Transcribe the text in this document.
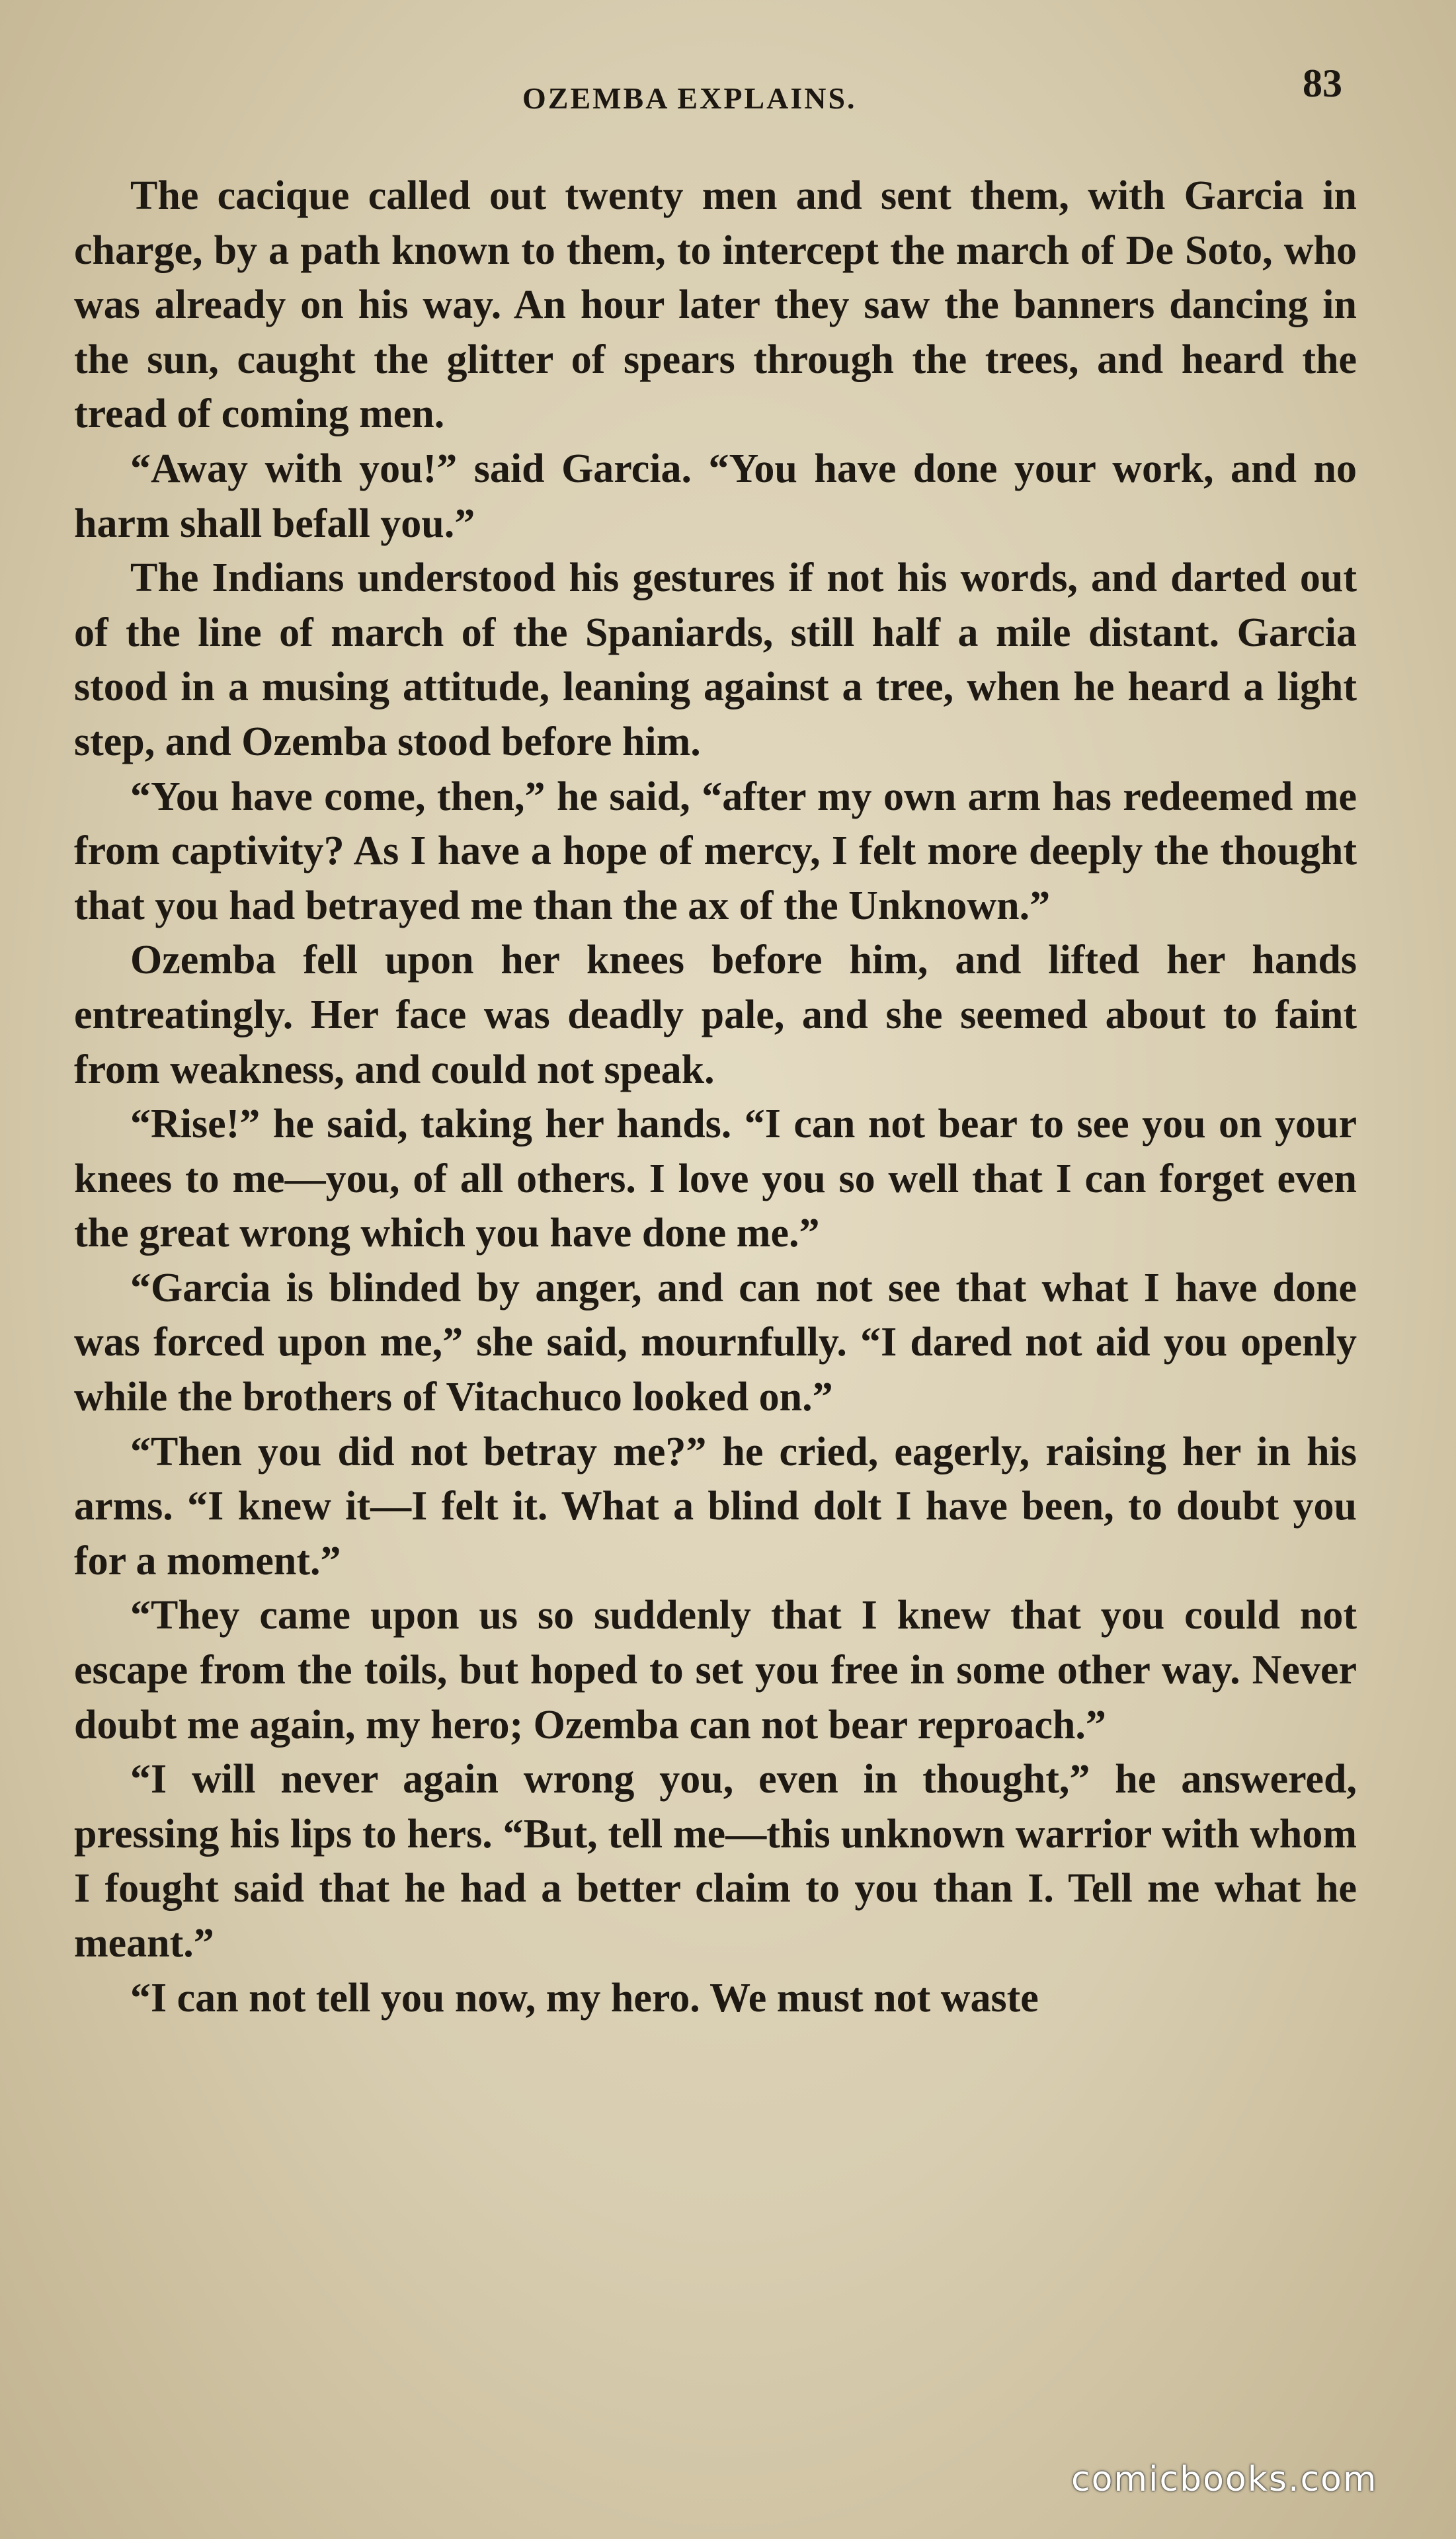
OZEMBA EXPLAINS.	83

The cacique called out twenty men and sent them, with Garcia in charge, by a path known to them, to intercept the march of De Soto, who was already on his way. An hour later they saw the banners dancing in the sun, caught the glitter of spears through the trees, and heard the tread of coming men.

“Away with you!” said Garcia. “You have done your work, and no harm shall befall you.”

The Indians understood his gestures if not his words, and darted out of the line of march of the Spaniards, still half a mile distant. Garcia stood in a musing attitude, leaning against a tree, when he heard a light step, and Ozemba stood before him.

“You have come, then,” he said, “after my own arm has redeemed me from captivity? As I have a hope of mercy, I felt more deeply the thought that you had betrayed me than the ax of the Unknown.”

Ozemba fell upon her knees before him, and lifted her hands entreatingly. Her face was deadly pale, and she seemed about to faint from weakness, and could not speak.

“Rise!” he said, taking her hands. “I can not bear to see you on your knees to me—you, of all others. I love you so well that I can forget even the great wrong which you have done me.”

“Garcia is blinded by anger, and can not see that what I have done was forced upon me,” she said, mournfully. “I dared not aid you openly while the brothers of Vitachuco looked on.”

“Then you did not betray me?” he cried, eagerly, raising her in his arms. “I knew it—I felt it. What a blind dolt I have been, to doubt you for a moment.”

“They came upon us so suddenly that I knew that you could not escape from the toils, but hoped to set you free in some other way. Never doubt me again, my hero; Ozemba can not bear reproach.”

“I will never again wrong you, even in thought,” he answered, pressing his lips to hers. “But, tell me—this unknown warrior with whom I fought said that he had a better claim to you than I. Tell me what he meant.”

“I can not tell you now, my hero. We must not waste

comicbooks.com
